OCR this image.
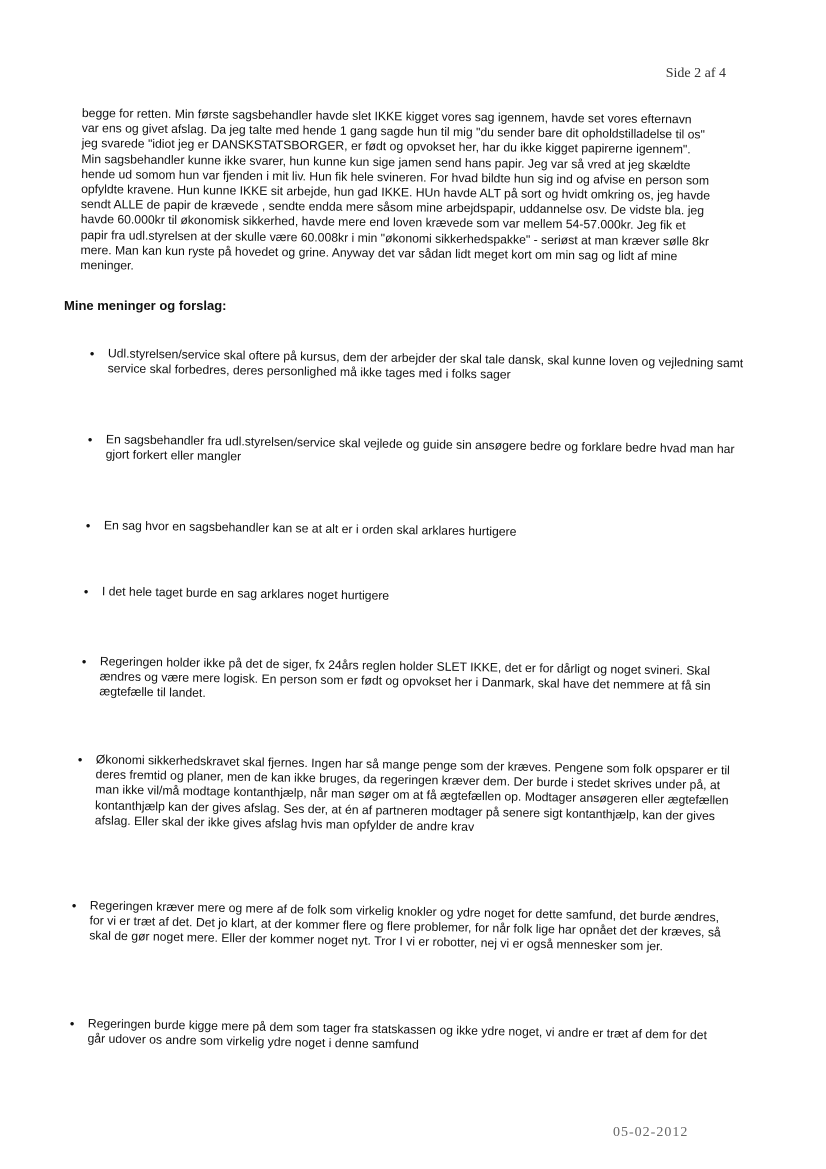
Side 2 af 4

begge for retten. Min første sagsbehandler havde slet IKKE kigget vores sag igennem, havde set vores efternavn var ens og givet afslag. Da jeg talte med hende 1 gang sagde hun til mig "du sender bare dit opholdstilladelse til os" jeg svarede "idiot jeg er DANSKSTATSBORGER, er født og opvokset her, har du ikke kigget papirerne igennem". Min sagsbehandler kunne ikke svarer, hun kunne kun sige jamen send hans papir. Jeg var så vred at jeg skældte hende ud somom hun var fjenden i mit liv. Hun fik hele svineren. For hvad bildte hun sig ind og afvise en person som opfyldte kravene. Hun kunne IKKE sit arbejde, hun gad IKKE. HUn havde ALT på sort og hvidt omkring os, jeg havde sendt ALLE de papir de krævede , sendte endda mere såsom mine arbejdspapir, uddannelse osv. De vidste bla. jeg havde 60.000kr til økonomisk sikkerhed, havde mere end loven krævede som var mellem 54-57.000kr. Jeg fik et papir fra udl.styrelsen at der skulle være 60.008kr i min "økonomi sikkerhedspakke" - seriøst at man kræver sølle 8kr mere. Man kan kun ryste på hovedet og grine. Anyway det var sådan lidt meget kort om min sag og lidt af mine meninger.

Mine meninger og forslag:

• Udl.styrelsen/service skal oftere på kursus, dem der arbejder der skal tale dansk, skal kunne loven og vejledning samt service skal forbedres, deres personlighed må ikke tages med i folks sager

• En sagsbehandler fra udl.styrelsen/service skal vejlede og guide sin ansøgere bedre og forklare bedre hvad man har gjort forkert eller mangler

• En sag hvor en sagsbehandler kan se at alt er i orden skal arklares hurtigere

• I det hele taget burde en sag arklares noget hurtigere

• Regeringen holder ikke på det de siger, fx 24års reglen holder SLET IKKE, det er for dårligt og noget svineri. Skal ændres og være mere logisk. En person som er født og opvokset her i Danmark, skal have det nemmere at få sin ægtefælle til landet.

• Økonomi sikkerhedskravet skal fjernes. Ingen har så mange penge som der kræves. Pengene som folk opsparer er til deres fremtid og planer, men de kan ikke bruges, da regeringen kræver dem. Der burde i stedet skrives under på, at man ikke vil/må modtage kontanthjælp, når man søger om at få ægtefællen op. Modtager ansøgeren eller ægtefællen kontanthjælp kan der gives afslag. Ses der, at én af partneren modtager på senere sigt kontanthjælp, kan der gives afslag. Eller skal der ikke gives afslag hvis man opfylder de andre krav

• Regeringen kræver mere og mere af de folk som virkelig knokler og ydre noget for dette samfund, det burde ændres, for vi er træt af det. Det jo klart, at der kommer flere og flere problemer, for når folk lige har opnået det der kræves, så skal de gør noget mere. Eller der kommer noget nyt. Tror I vi er robotter, nej vi er også mennesker som jer.

• Regeringen burde kigge mere på dem som tager fra statskassen og ikke ydre noget, vi andre er træt af dem for det går udover os andre som virkelig ydre noget i denne samfund

05-02-2012
